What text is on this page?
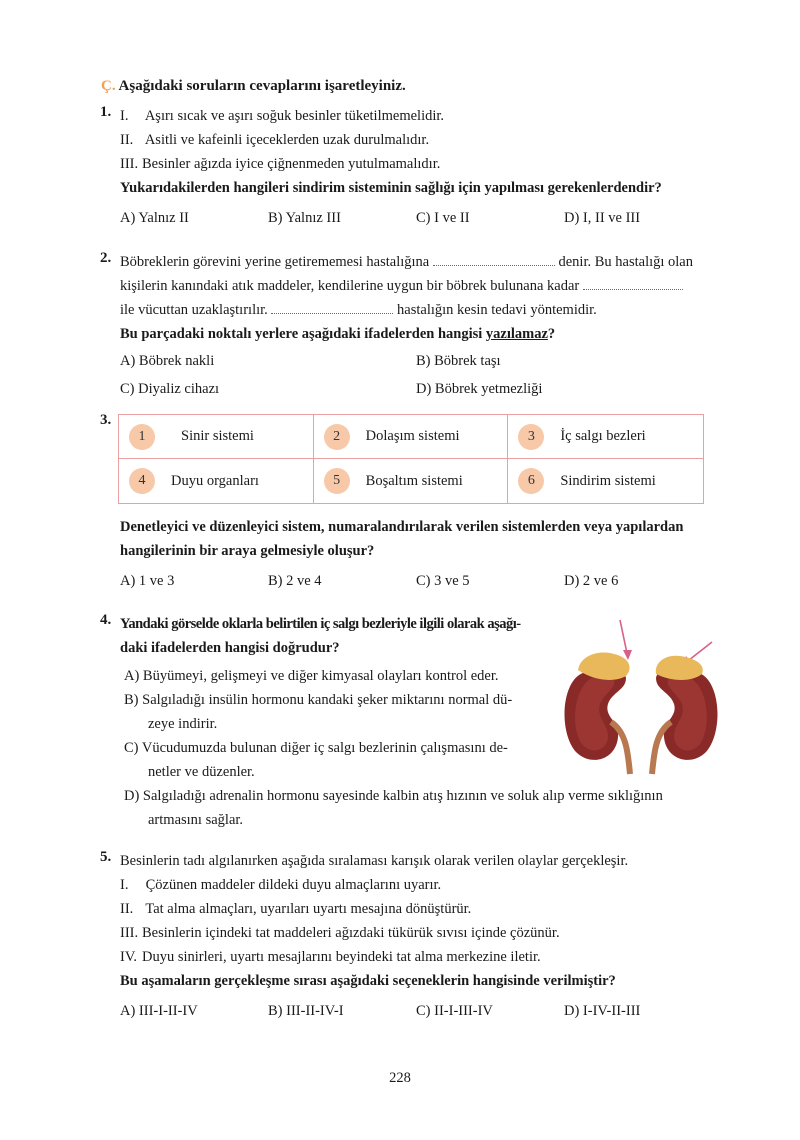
Ç. Aşağıdaki soruların cevaplarını işaretleyiniz.
1. I. Aşırı sıcak ve aşırı soğuk besinler tüketilmemelidir.
II. Asitli ve kafeinli içeceklerden uzak durulmalıdır.
III. Besinler ağızda iyice çiğnenmeden yutulmamalıdır.
Yukarıdakilerden hangileri sindirim sisteminin sağlığı için yapılması gerekenlerdendir?
A) Yalnız II	B) Yalnız III	C) I ve II	D) I, II ve III
2. Böbreklerin görevini yerine getirememesi hastalığına	denir. Bu hastalığı olan
kişilerin kanındaki atık maddeler, kendilerine uygun bir böbrek bulunana kadar
ile vücuttan uzaklaştırılır.	hastalığın kesin tedavi yöntemidir.
Bu parçadaki noktalı yerlere aşağıdaki ifadelerden hangisi yazılamaz?
A) Böbrek nakli	B) Böbrek taşı
C) Diyaliz cihazı	D) Böbrek yetmezliği
3.
1	Sinir sistemi	2	Dolaşım sistemi	3	İç salgı bezleri
4	Duyu organları	5	Boşaltım sistemi	6	Sindirim sistemi
Denetleyici ve düzenleyici sistem, numaralandırılarak verilen sistemlerden veya yapılardan
hangilerinin bir araya gelmesiyle oluşur?
A) 1 ve 3	B) 2 ve 4	C) 3 ve 5	D) 2 ve 6
4. Yandaki görselde oklarla belirtilen iç salgı bezleriyle ilgili olarak aşağı-
daki ifadelerden hangisi doğrudur?
A) Büyümeyi, gelişmeyi ve diğer kimyasal olayları kontrol eder.
B) Salgıladığı insülin hormonu kandaki şeker miktarını normal dü-
zeye indirir.
C) Vücudumuzda bulunan diğer iç salgı bezlerinin çalışmasını de-
netler ve düzenler.
D) Salgıladığı adrenalin hormonu sayesinde kalbin atış hızının ve soluk alıp verme sıklığının
artmasını sağlar.
5. Besinlerin tadı algılanırken aşağıda sıralaması karışık olarak verilen olaylar gerçekleşir.
I. Çözünen maddeler dildeki duyu almaçlarını uyarır.
II. Tat alma almaçları, uyarıları uyartı mesajına dönüştürür.
III. Besinlerin içindeki tat maddeleri ağızdaki tükürük sıvısı içinde çözünür.
IV. Duyu sinirleri, uyartı mesajlarını beyindeki tat alma merkezine iletir.
Bu aşamaların gerçekleşme sırası aşağıdaki seçeneklerin hangisinde verilmiştir?
A) III-I-II-IV	B) III-II-IV-I	C) II-I-III-IV	D) I-IV-II-III
228
